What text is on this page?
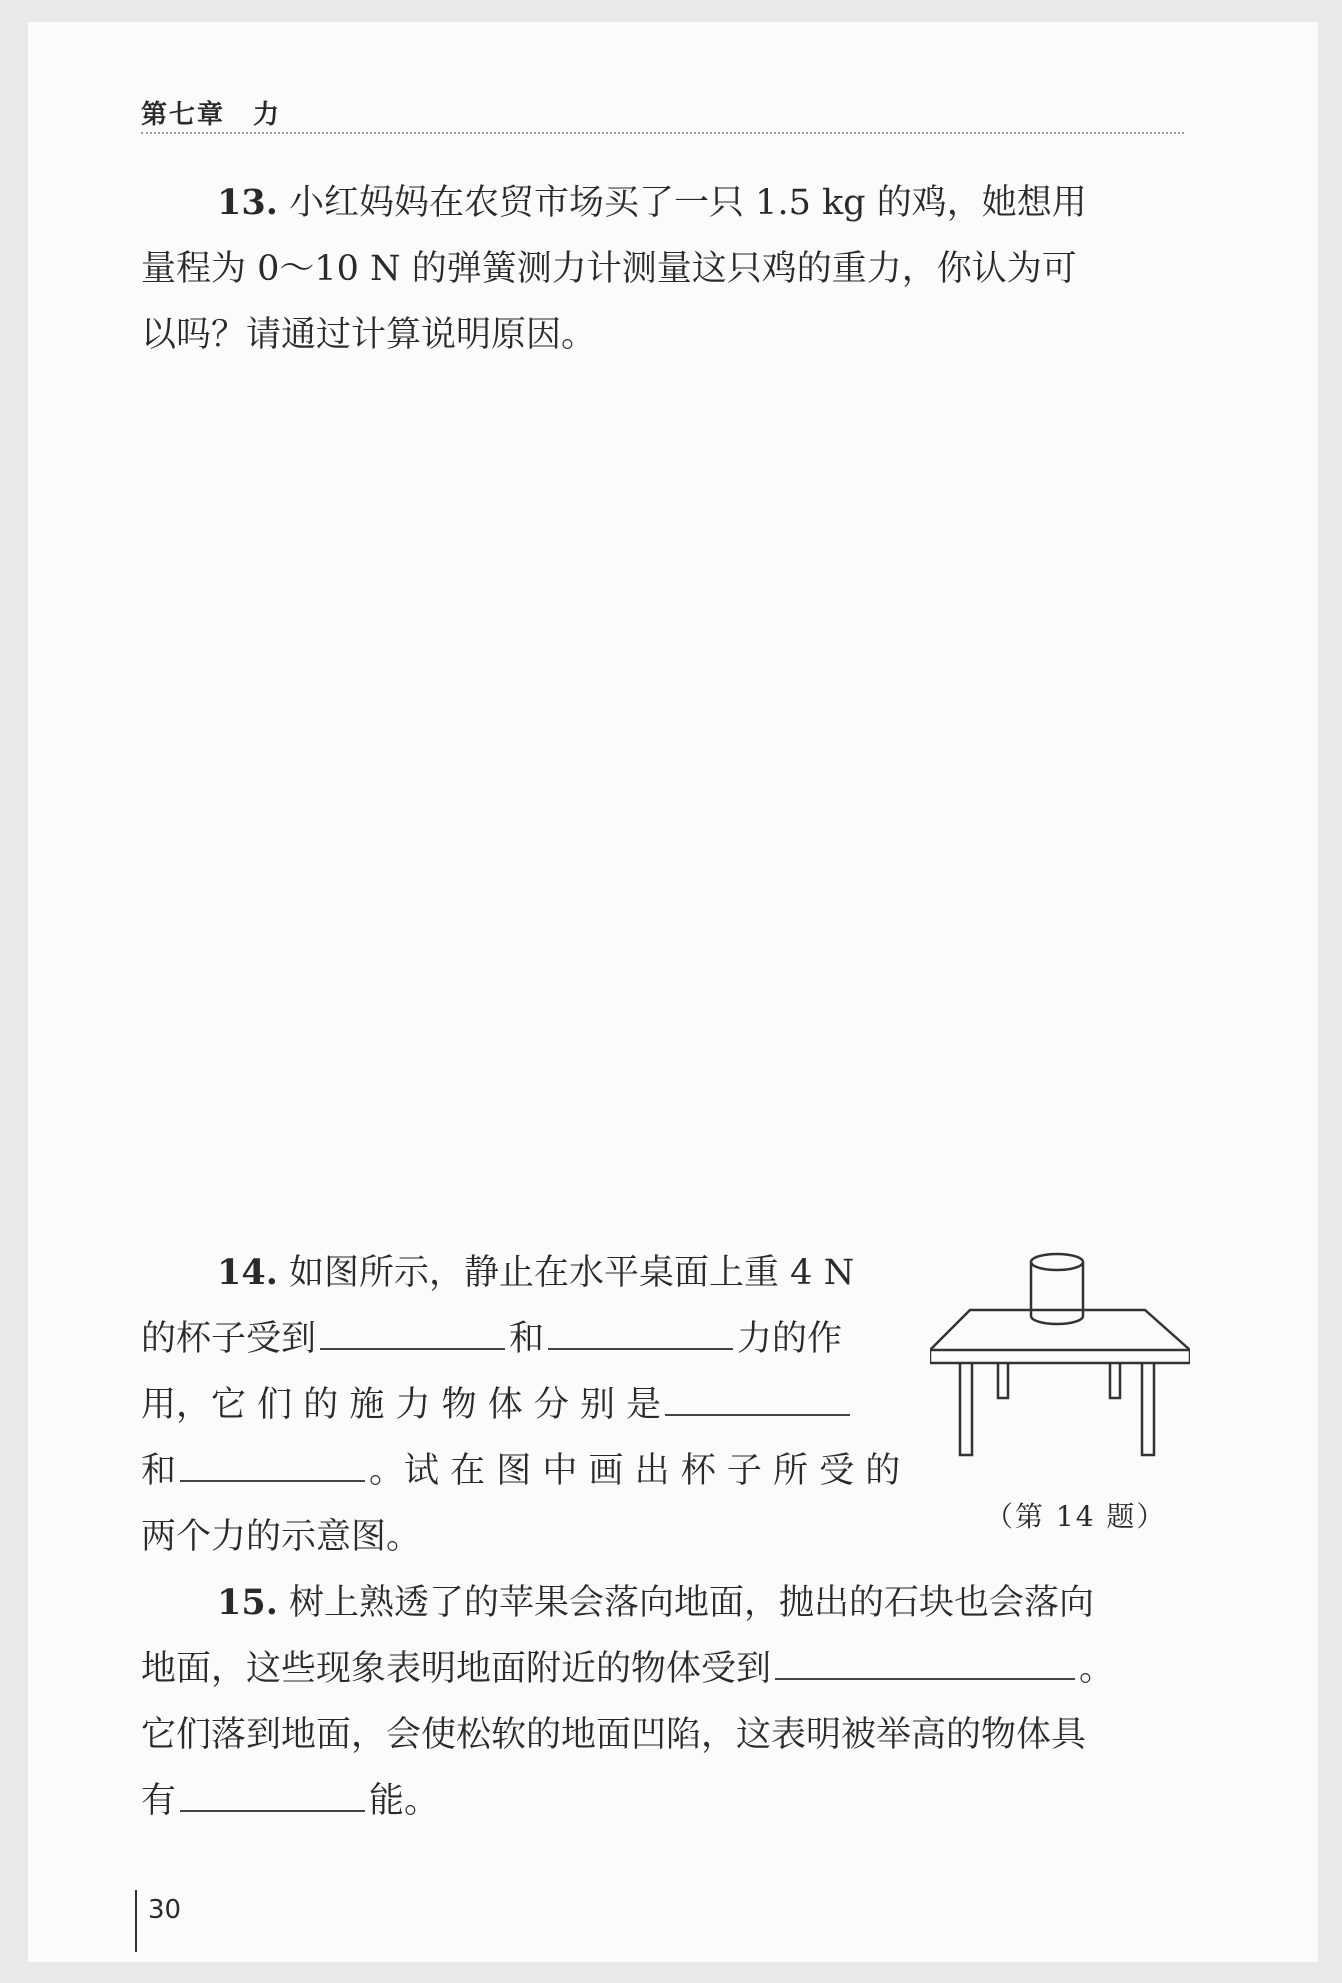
第七章　力
13. 小红妈妈在农贸市场买了一只 1.5 kg 的鸡，她想用
量程为 0～10 N 的弹簧测力计测量这只鸡的重力，你认为可
以吗？请通过计算说明原因。
14. 如图所示，静止在水平桌面上重 4 N
的杯子受到	和	力的作
用，它 们 的 施 力 物 体 分 别 是
和	。试 在 图 中 画 出 杯 子 所 受 的
两个力的示意图。
（第 14 题）
15. 树上熟透了的苹果会落向地面，抛出的石块也会落向
地面，这些现象表明地面附近的物体受到	。
它们落到地面，会使松软的地面凹陷，这表明被举高的物体具
有	能。
30
